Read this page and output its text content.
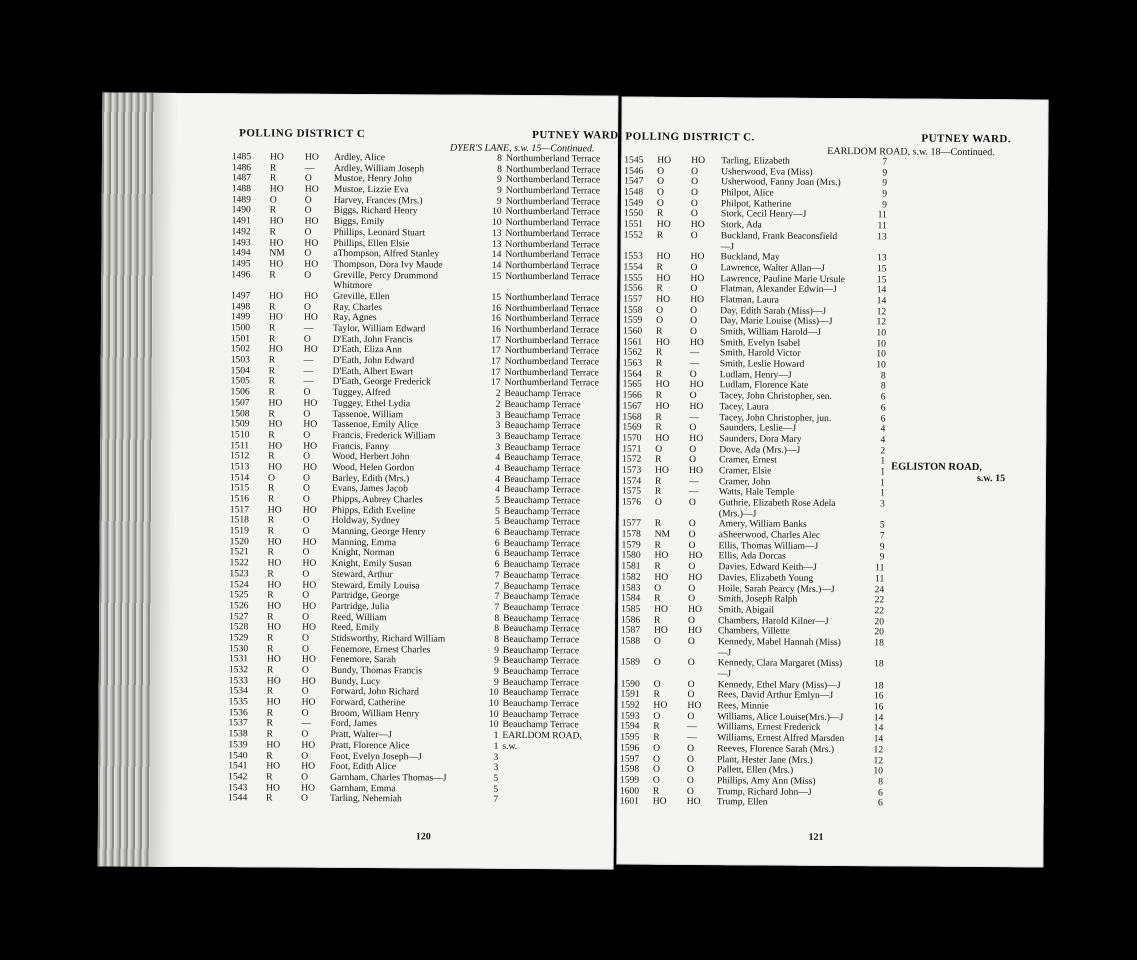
POLLING DISTRICT C	PUTNEY WARD
DYER'S LANE, s.w. 15—Continued.
1485 HO HO Ardley, Alice	8 Northumberland Terrace
1486 R	— Ardley, William Joseph	8 Northumberland Terrace
1487 R	O Mustoe, Henry John	9 Northumberland Terrace
1488 HO HO Mustoe, Lizzie Eva	9 Northumberland Terrace
1489 O	O Harvey, Frances (Mrs.)	9 Northumberland Terrace
1490 R	O Biggs, Richard Henry	10 Northumberland Terrace
1491 HO HO Biggs, Emily	10 Northumberland Terrace
1492 R	O Phillips, Leonard Stuart	13 Northumberland Terrace
1493 HO HO Phillips, Ellen Elsie	13 Northumberland Terrace
1494 NM O aThompson, Alfred Stanley	14 Northumberland Terrace
1495 HO HO Thompson, Dora Ivy Maude	14 Northumberland Terrace
1496 R	O Greville, Percy Drummond	15 Northumberland Terrace
Whitmore
1497 HO HO Greville, Ellen	15 Northumberland Terrace
1498 R	O Ray, Charles	16 Northumberland Terrace
1499 HO HO Ray, Agnes	16 Northumberland Terrace
1500 R	— Taylor, William Edward	16 Northumberland Terrace
1501 R	O D'Eath, John Francis	17 Northumberland Terrace
1502 HO HO D'Eath, Eliza Ann	17 Northumberland Terrace
1503 R	— D'Eath, John Edward	17 Northumberland Terrace
1504 R	— D'Eath, Albert Ewart	17 Northumberland Terrace
1505 R	— D'Eath, George Frederick	17 Northumberland Terrace
1506 R	O Tuggey, Alfred	2 Beauchamp Terrace
1507 HO HO Tuggey, Ethel Lydia	2 Beauchamp Terrace
1508 R	O Tassenoe, William	3 Beauchamp Terrace
1509 HO HO Tassenoe, Emily Alice	3 Beauchamp Terrace
1510 R	O Francis, Frederick William	3 Beauchamp Terrace
1511 HO HO Francis, Fanny	3 Beauchamp Terrace
1512 R	O Wood, Herbert John	4 Beauchamp Terrace
1513 HO HO Wood, Helen Gordon	4 Beauchamp Terrace
1514 O	O Barley, Edith (Mrs.)	4 Beauchamp Terrace
1515 R	O Evans, James Jacob	4 Beauchamp Terrace
1516 R	O Phipps, Aubrey Charles	5 Beauchamp Terrace
1517 HO HO Phipps, Edith Eveline	5 Beauchamp Terrace
1518 R	O Holdway, Sydney	5 Beauchamp Terrace
1519 R	O Manning, George Henry	6 Beauchamp Terrace
1520 HO HO Manning, Emma	6 Beauchamp Terrace
1521 R	O Knight, Norman	6 Beauchamp Terrace
1522 HO HO Knight, Emily Susan	6 Beauchamp Terrace
1523 R	O Steward, Arthur	7 Beauchamp Terrace
1524 HO HO Steward, Emily Louisa	7 Beauchamp Terrace
1525 R	O Partridge, George	7 Beauchamp Terrace
1526 HO HO Partridge, Julia	7 Beauchamp Terrace
1527 R	O Reed, William	8 Beauchamp Terrace
1528 HO HO Reed, Emily	8 Beauchamp Terrace
1529 R	O Stidsworthy, Richard William	8 Beauchamp Terrace
1530 R	O Fenemore, Ernest Charles	9 Beauchamp Terrace
1531 HO HO Fenemore, Sarah	9 Beauchamp Terrace
1532 R	O Bundy, Thomas Francis	9 Beauchamp Terrace
1533 HO HO Bundy, Lucy	9 Beauchamp Terrace
1534 R	O Forward, John Richard	10 Beauchamp Terrace
1535 HO HO Forward, Catherine	10 Beauchamp Terrace
1536 R	O Broom, William Henry	10 Beauchamp Terrace
1537 R	— Ford, James	10 Beauchamp Terrace
1538 R	O Pratt, Walter—J	1 EARLDOM ROAD,
1539 HO HO Pratt, Florence Alice	1 s.w.
1540 R	O Foot, Evelyn Joseph—J	3
1541 HO HO Foot, Edith Alice	3
1542 R	O Garnham, Charles Thomas—J	5
1543 HO HO Garnham, Emma	5
1544 R	O Tarling, Nehemiah	7
120
POLLING DISTRICT C.	PUTNEY WARD.
EARLDOM ROAD, s.w. 18—Continued.
1545 HO HO Tarling, Elizabeth	7
1546 O	O Usherwood, Eva (Miss)	9
1547 O	O Usherwood, Fanny Joan (Mrs.)	9
1548 O	O Philpot, Alice	9
1549 O	O Philpot, Katherine	9
1550 R	O Stork, Cecil Henry—J	11
1551 HO HO Stork, Ada	11
1552 R	O Buckland, Frank Beaconsfield	13
—J
1553 HO HO Buckland, May	13
1554 R	O Lawrence, Walter Allan—J	15
1555 HO HO Lawrence, Pauline Marie Ursule	15
1556 R	O Flatman, Alexander Edwin—J	14
1557 HO HO Flatman, Laura	14
1558 O	O Day, Edith Sarah (Miss)—J	12
1559 O	O Day, Marie Louise (Miss)—J	12
1560 R	O Smith, William Harold—J	10
1561 HO HO Smith, Evelyn Isabel	10
1562 R	— Smith, Harold Victor	10
1563 R	— Smith, Leslie Howard	10
1564 R	O Ludlam, Henry—J	8
1565 HO HO Ludlam, Florence Kate	8
1566 R	O Tacey, John Christopher, sen.	6
1567 HO HO Tacey, Laura	6
1568 R	— Tacey, John Christopher, jun.	6
1569 R	O Saunders, Leslie—J	4
1570 HO HO Saunders, Dora Mary	4
1571 O	O Dove, Ada (Mrs.)—J	2
1572 R	O Cramer, Ernest	1
1573 HO HO Cramer, Elsie	1
1574 R	— Cramer, John	1
1575 R	— Watts, Hale Temple	1
1576 O	O Guthrie, Elizabeth Rose Adela	3
(Mrs.)—J
1577 R	O Amery, William Banks	5
1578 NM O aSheerwood, Charles Alec	7
1579 R	O Ellis, Thomas William—J	9
1580 HO HO Ellis, Ada Dorcas	9
1581 R	O Davies, Edward Keith—J	11
1582 HO HO Davies, Elizabeth Young	11
1583 O	O Hoile, Sarah Pearcy (Mrs.)—J	24
1584 R	O Smith, Joseph Ralph	22
1585 HO HO Smith, Abigail	22
1586 R	O Chambers, Harold Kilner—J	20
1587 HO HO Chambers, Villette	20
1588 O	O Kennedy, Mabel Hannah (Miss)	18
—J
1589 O	O Kennedy, Clara Margaret (Miss)	18
—J
1590 O	O Kennedy, Ethel Mary (Miss)—J	18
1591 R	O Rees, David Arthur Emlyn—J	16
1592 HO HO Rees, Minnie	16
1593 O	O Williams, Alice Louise(Mrs.)—J	14
1594 R	— Williams, Ernest Frederick	14
1595 R	— Williams, Ernest Alfred Marsden	14
1596 O	O Reeves, Florence Sarah (Mrs.)	12
1597 O	O Plant, Hester Jane (Mrs.)	12
1598 O	O Pallett, Ellen (Mrs.)	10
1599 O	O Phillips, Amy Ann (Miss)	8
1600 R	O Trump, Richard John—J	6
1601 HO HO Trump, Ellen	6
EGLISTON ROAD,
s.w. 15
121
